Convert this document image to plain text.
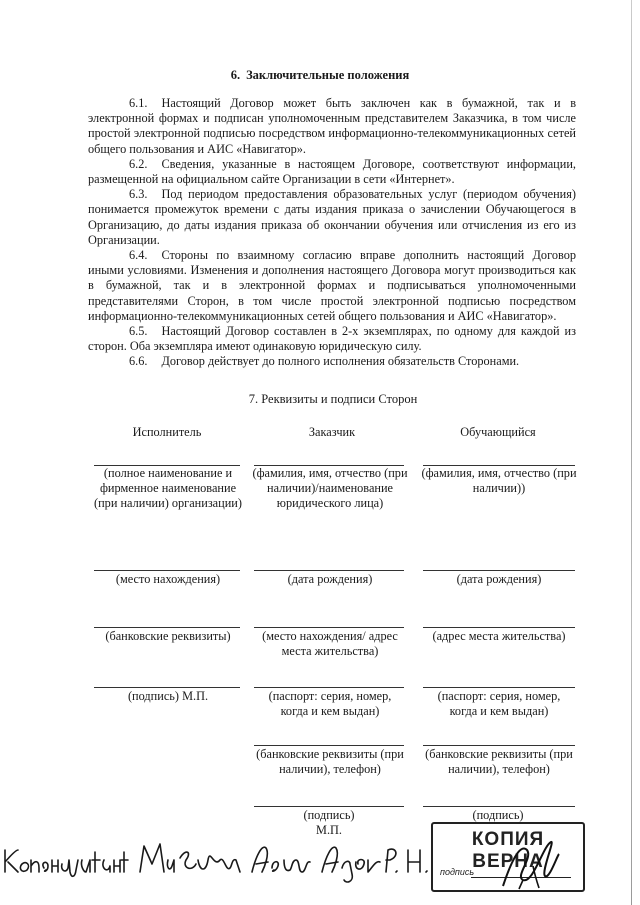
6. Заключительные положения

6.1. Настоящий Договор может быть заключен как в бумажной, так и в электронной формах и подписан уполномоченным представителем Заказчика, в том числе простой электронной подписью посредством информационно-телекоммуникационных сетей общего пользования и АИС «Навигатор».

6.2. Сведения, указанные в настоящем Договоре, соответствуют информации, размещенной на официальном сайте Организации в сети «Интернет».

6.3. Под периодом предоставления образовательных услуг (периодом обучения) понимается промежуток времени с даты издания приказа о зачислении Обучающегося в Организацию, до даты издания приказа об окончании обучения или отчисления из его из Организации.

6.4. Стороны по взаимному согласию вправе дополнить настоящий Договор иными условиями. Изменения и дополнения настоящего Договора могут производиться как в бумажной, так и в электронной формах и подписываться уполномоченными представителями Сторон, в том числе простой электронной подписью посредством информационно-телекоммуникационных сетей общего пользования и АИС «Навигатор».

6.5. Настоящий Договор составлен в 2-х экземплярах, по одному для каждой из сторон. Оба экземпляра имеют одинаковую юридическую силу.

6.6. Договор действует до полного исполнения обязательств Сторонами.

7. Реквизиты и подписи Сторон
Исполнитель	Заказчик	Обучающийся
(полное наименование и фирменное наименование (при наличии) организации)
(место нахождения)
(банковские реквизиты)
(подпись) М.П.
(фамилия, имя, отчество (при наличии)/наименование юридического лица)
(дата рождения)
(место нахождения/ адрес места жительства)
(паспорт: серия, номер, когда и кем выдан)
(банковские реквизиты (при наличии), телефон)
(подпись) М.П.
(фамилия, имя, отчество (при наличии))
(дата рождения)
(адрес места жительства)
(паспорт: серия, номер, когда и кем выдан)
(банковские реквизиты (при наличии), телефон)
(подпись)
КОПИЯ ВЕРНА
подпись
